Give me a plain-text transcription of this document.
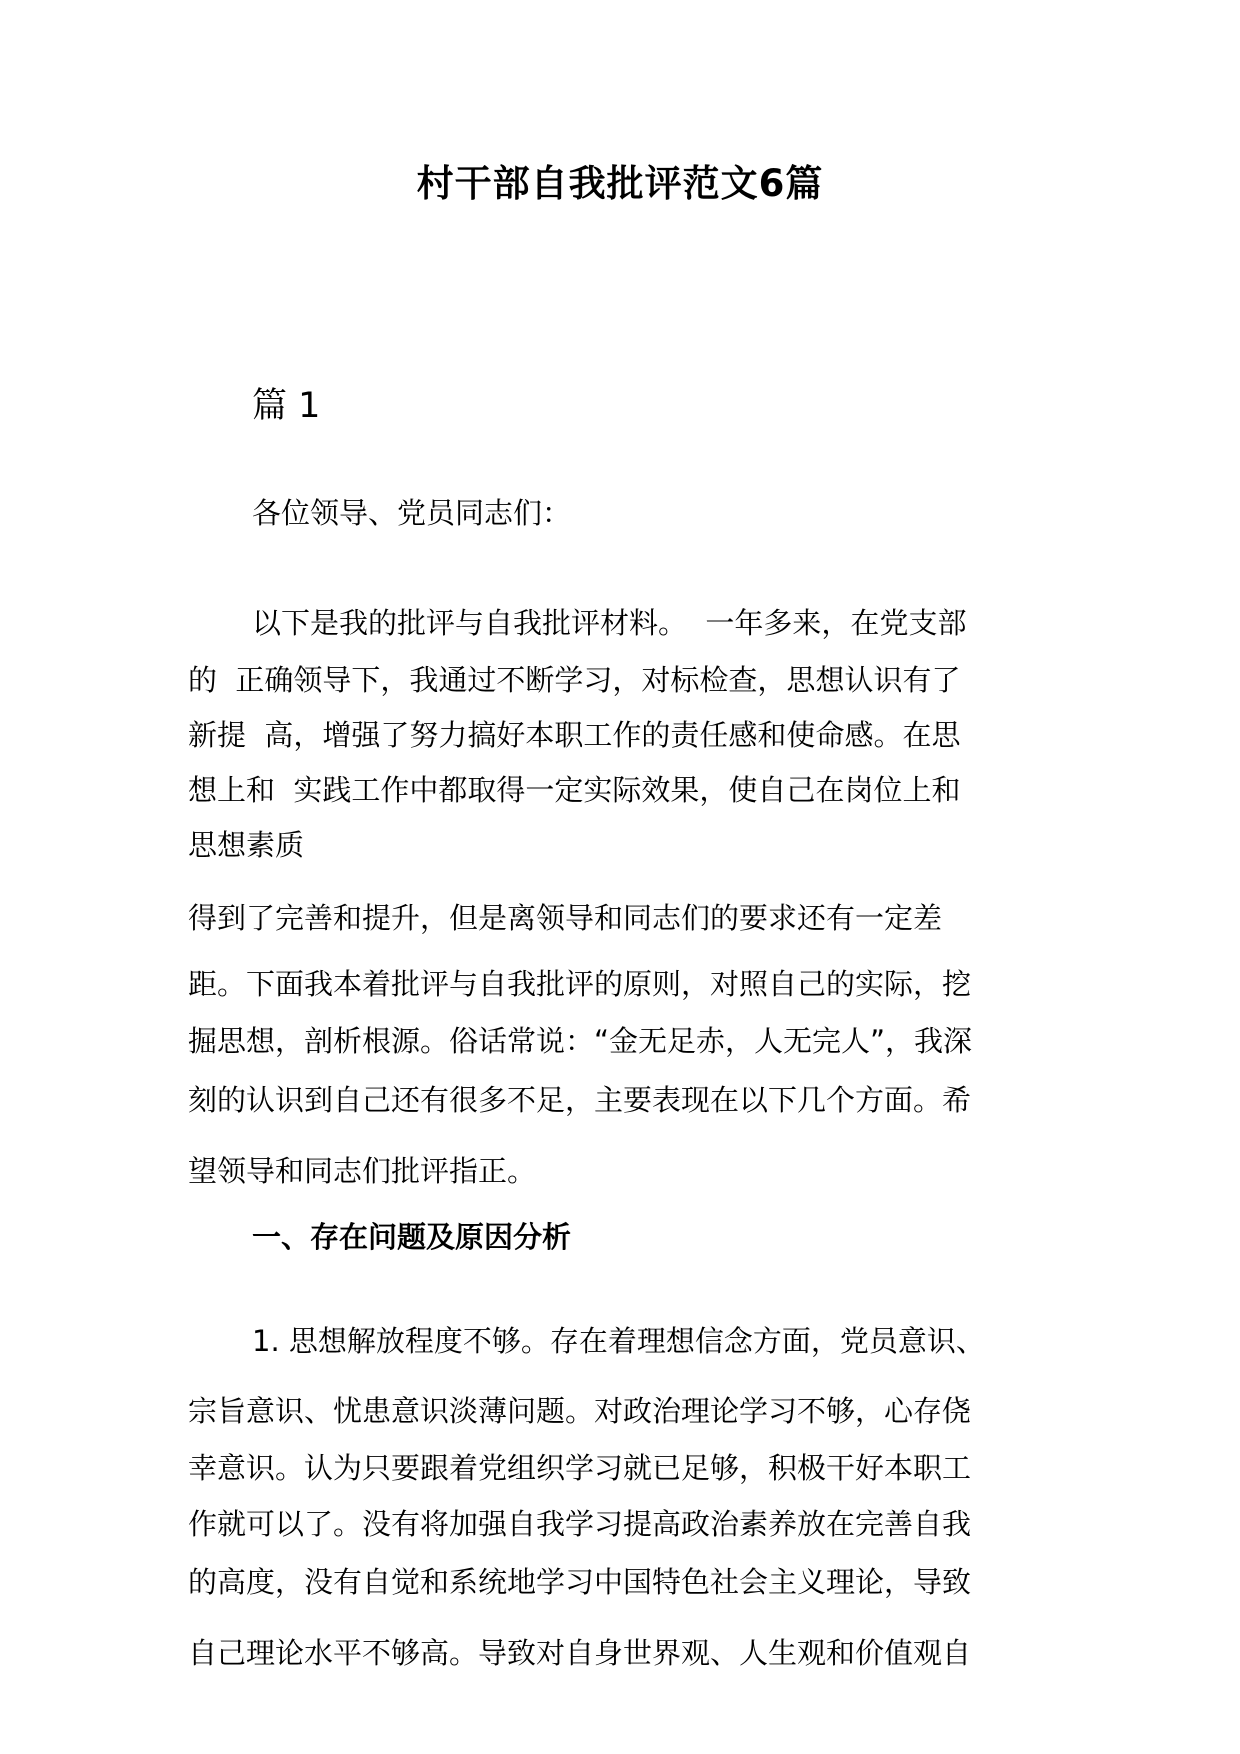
村干部自我批评范文6篇
篇 1
各位领导、党员同志们：
以下是我的批评与自我批评材料。  一年多来，在党支部
的  正确领导下，我通过不断学习，对标检查，思想认识有了
新提  高，增强了努力搞好本职工作的责任感和使命感。在思
想上和  实践工作中都取得一定实际效果，使自己在岗位上和
思想素质
得到了完善和提升，但是离领导和同志们的要求还有一定差
距。下面我本着批评与自我批评的原则，对照自己的实际，挖
掘思想，剖析根源。俗话常说：“金无足赤，人无完人”，我深
刻的认识到自己还有很多不足，主要表现在以下几个方面。希
望领导和同志们批评指正。
一、存在问题及原因分析
1. 思想解放程度不够。存在着理想信念方面，党员意识、
宗旨意识、忧患意识淡薄问题。对政治理论学习不够，心存侥
幸意识。认为只要跟着党组织学习就已足够，积极干好本职工
作就可以了。没有将加强自我学习提高政治素养放在完善自我
的高度，没有自觉和系统地学习中国特色社会主义理论，导致
自己理论水平不够高。导致对自身世界观、人生观和价值观自
